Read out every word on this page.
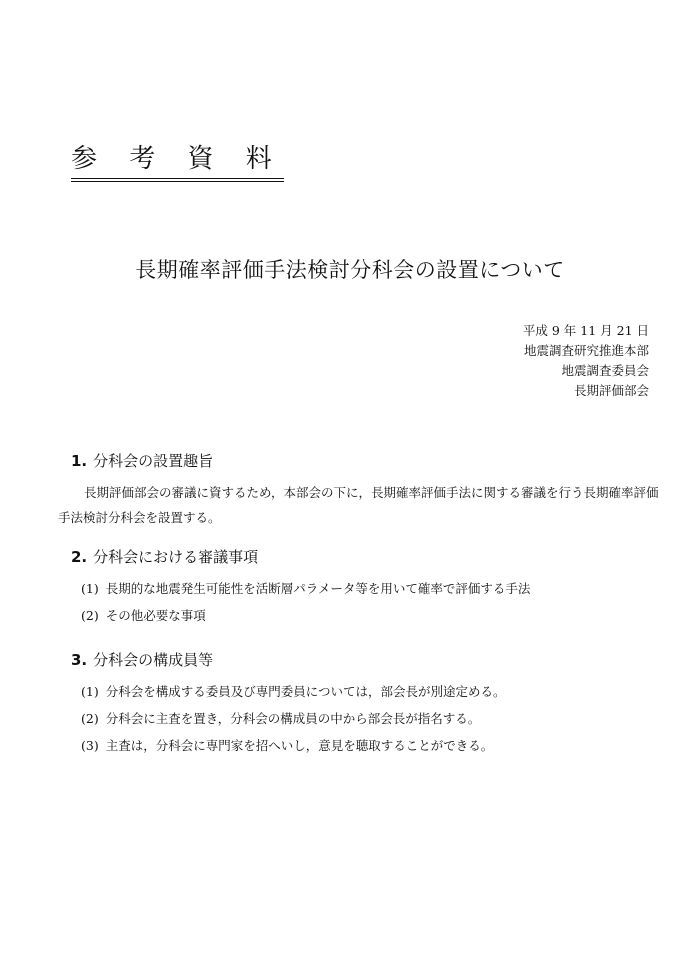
参 考 資 料
長期確率評価手法検討分科会の設置について
平成 9 年 11 月 21 日
地震調査研究推進本部
地震調査委員会
長期評価部会
1. 分科会の設置趣旨

長期評価部会の審議に資するため，本部会の下に，長期確率評価手法に関する審議を行う長期確率評価手法検討分科会を設置する。

2. 分科会における審議事項
(1) 長期的な地震発生可能性を活断層パラメータ等を用いて確率で評価する手法
(2) その他必要な事項
3. 分科会の構成員等
(1) 分科会を構成する委員及び専門委員については，部会長が別途定める。
(2) 分科会に主査を置き，分科会の構成員の中から部会長が指名する。
(3) 主査は，分科会に専門家を招へいし，意見を聴取することができる。
